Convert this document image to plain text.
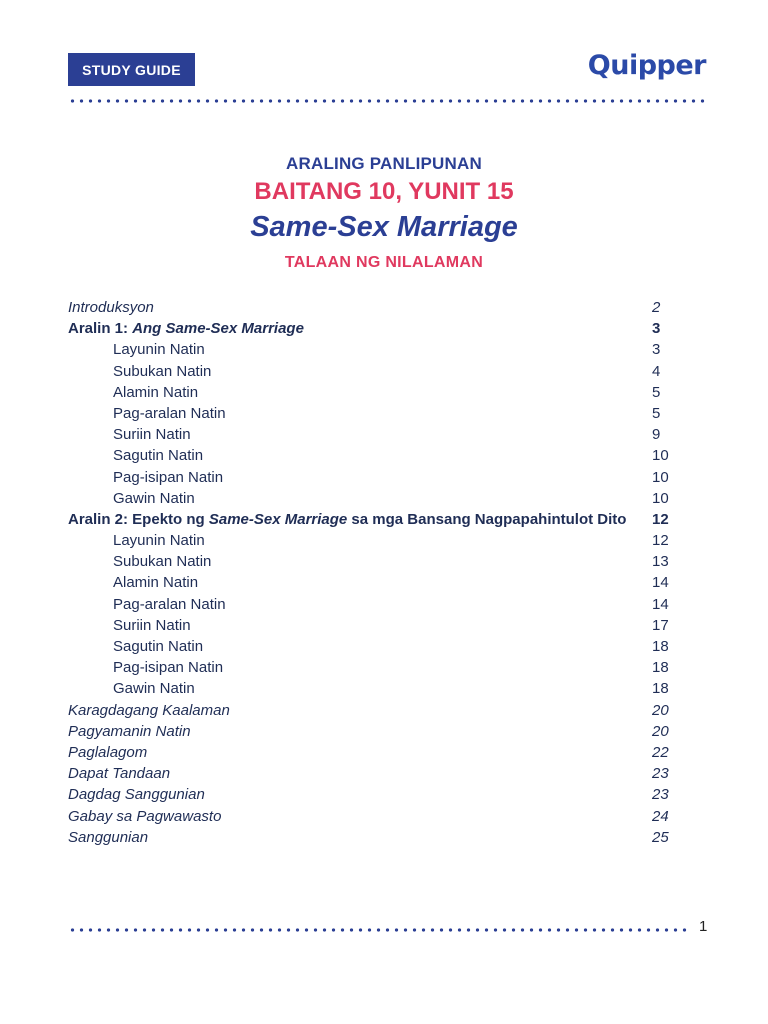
STUDY GUIDE	Quipper
ARALING PANLIPUNAN
BAITANG 10, YUNIT 15
Same-Sex Marriage
TALAAN NG NILALAMAN
Introduksyon	2
Aralin 1: Ang Same-Sex Marriage	3
Layunin Natin	3
Subukan Natin	4
Alamin Natin	5
Pag-aralan Natin	5
Suriin Natin	9
Sagutin Natin	10
Pag-isipan Natin	10
Gawin Natin	10
Aralin 2: Epekto ng Same-Sex Marriage sa mga Bansang Nagpapahintulot Dito 12
Layunin Natin	12
Subukan Natin	13
Alamin Natin	14
Pag-aralan Natin	14
Suriin Natin	17
Sagutin Natin	18
Pag-isipan Natin	18
Gawin Natin	18
Karagdagang Kaalaman	20
Pagyamanin Natin	20
Paglalagom	22
Dapat Tandaan	23
Dagdag Sanggunian	23
Gabay sa Pagwawasto	24
Sanggunian	25
1
